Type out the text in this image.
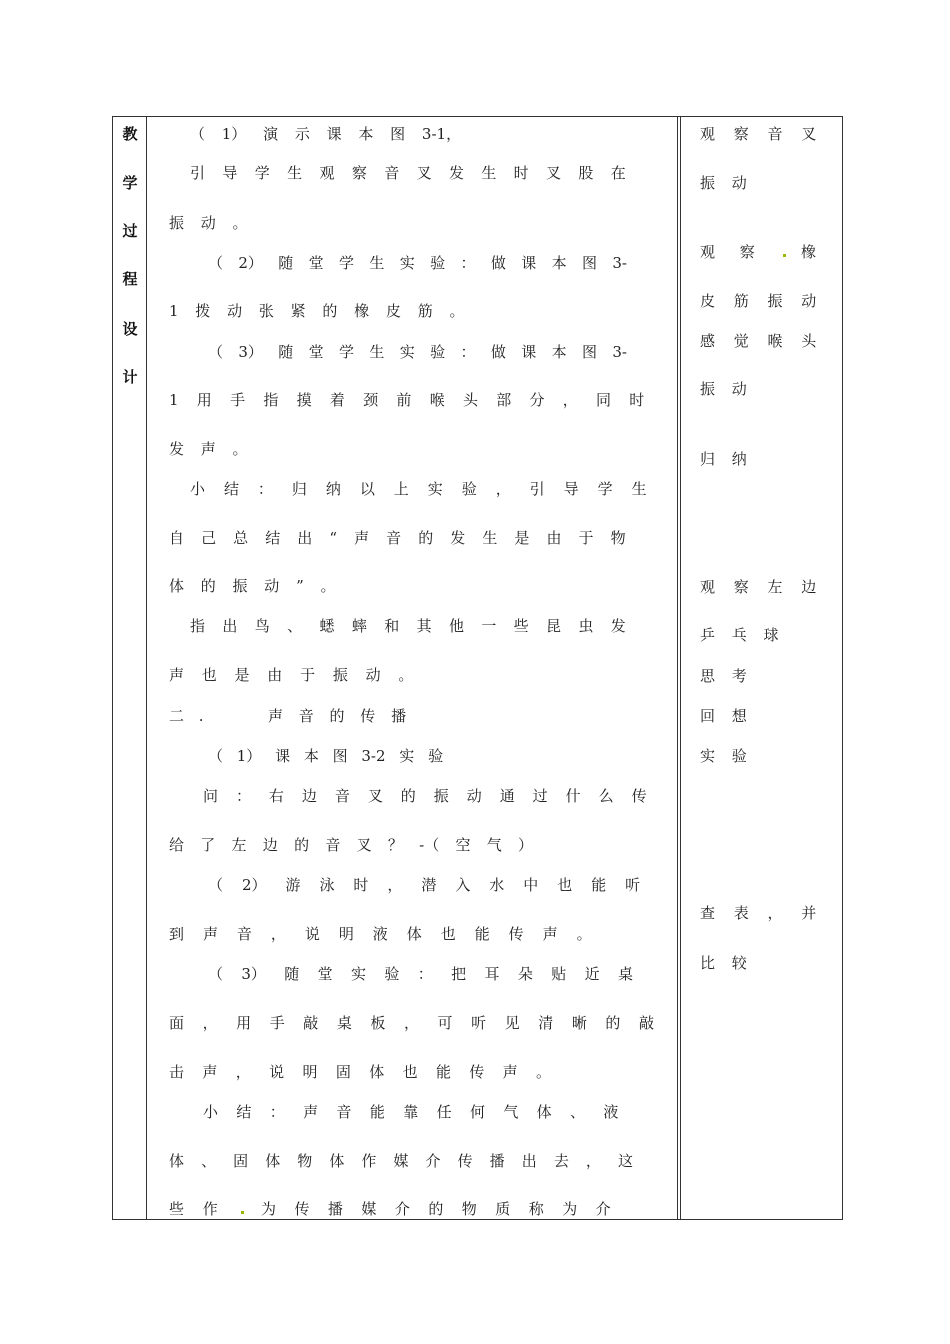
教
学
过
程
设
计
（ 1） 演 示 课 本 图 3-1，
引 导 学 生 观 察 音 叉 发 生 时 叉 股 在
振 动 。
（ 2） 随 堂 学 生 实 验 ： 做 课 本 图 3-
1 拨 动 张 紧 的 橡 皮 筋 。
（ 3） 随 堂 学 生 实 验 ： 做 课 本 图 3-
1 用 手 指 摸 着 颈 前 喉 头 部 分 ， 同 时
发 声 。
小 结 ： 归 纳 以 上 实 验 ， 引 导 学 生
自 己 总 结 出 “ 声 音 的 发 生 是 由 于 物
体 的 振 动 ” 。
指 出 鸟 、 蟋 蟀 和 其 他 一 些 昆 虫 发
声 也 是 由 于 振 动 。
二 .	声 音 的 传 播
（ 1） 课 本 图 3-2 实 验
问 ： 右 边 音 叉 的 振 动 通 过 什 么 传
给 了 左 边 的 音 叉 ？ -（ 空 气 ）
（ 2） 游 泳 时 ， 潜 入 水 中 也 能 听
到 声 音 ， 说 明 液 体 也 能 传 声 。
（ 3） 随 堂 实 验 ： 把 耳 朵 贴 近 桌
面 ， 用 手 敲 桌 板 ， 可 听 见 清 晰 的 敲
击 声 ， 说 明 固 体 也 能 传 声 。
小 结 ： 声 音 能 靠 任 何 气 体 、 液
体 、 固 体 物 体 作 媒 介 传 播 出 去 ， 这
些 作	为 传 播 媒 介 的 物 质 称 为 介
观 察 音 叉
振 动
观 察	橡
皮 筋 振 动
感 觉 喉 头
振 动
归 纳
观 察 左 边
乒 乓 球
思 考
回 想
实 验
查 表 ， 并
比 较
